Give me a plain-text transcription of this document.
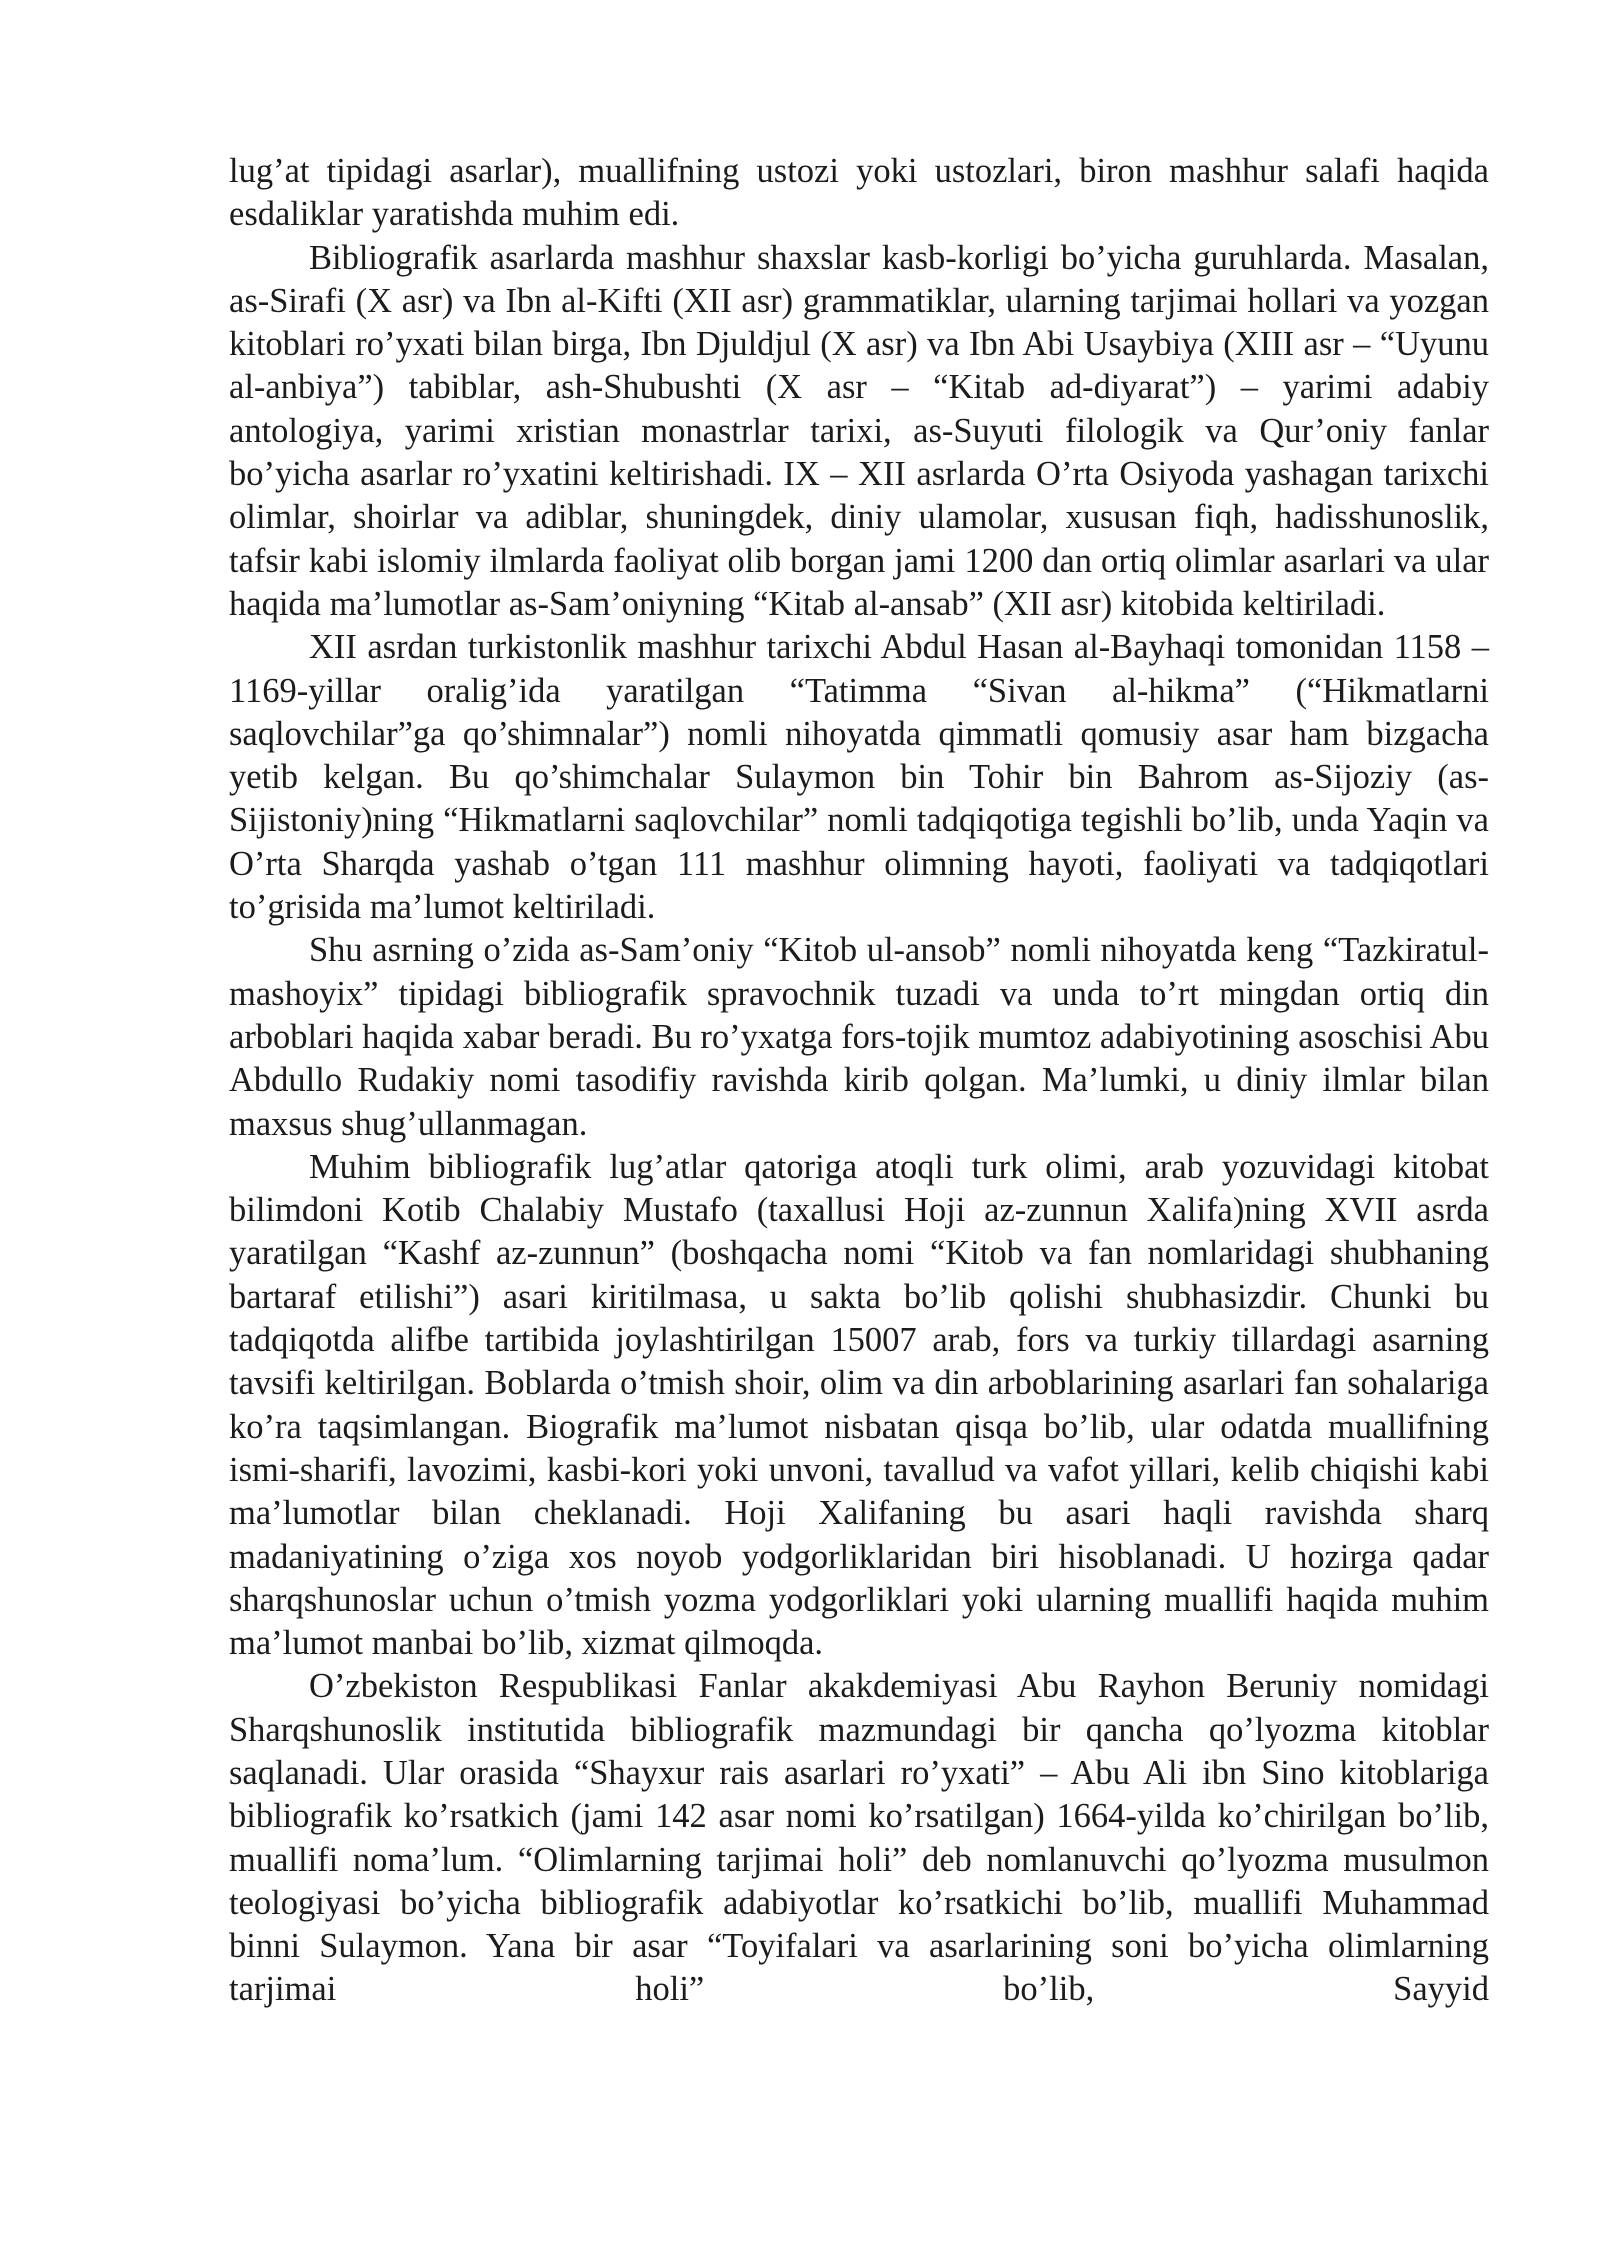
lug’at tipidagi asarlar), muallifning ustozi yoki ustozlari, biron mashhur salafi haqida esdaliklar yaratishda muhim edi.

Bibliografik asarlarda mashhur shaxslar kasb-korligi bo’yicha guruhlarda. Masalan, as-Sirafi (X asr) va Ibn al-Kifti (XII asr) grammatiklar, ularning tarjimai hollari va yozgan kitoblari ro’yxati bilan birga, Ibn Djuldjul (X asr) va Ibn Abi Usaybiya (XIII asr – “Uyunu al-anbiya”) tabiblar, ash-Shubushti (X asr – “Kitab ad-diyarat”) – yarimi adabiy antologiya, yarimi xristian monastrlar tarixi, as-Suyuti filologik va Qur’oniy fanlar bo’yicha asarlar ro’yxatini keltirishadi. IX – XII asrlarda O’rta Osiyoda yashagan tarixchi olimlar, shoirlar va adiblar, shuningdek, diniy ulamolar, xususan fiqh, hadisshunoslik, tafsir kabi islomiy ilmlarda faoliyat olib borgan jami 1200 dan ortiq olimlar asarlari va ular haqida ma’lumotlar as-Sam’oniyning “Kitab al-ansab” (XII asr) kitobida keltiriladi.

XII asrdan turkistonlik mashhur tarixchi Abdul Hasan al-Bayhaqi tomonidan 1158 – 1169-yillar oralig’ida yaratilgan “Tatimma “Sivan al-hikma” (“Hikmatlarni saqlovchilar”ga qo’shimnalar”) nomli nihoyatda qimmatli qomusiy asar ham bizgacha yetib kelgan. Bu qo’shimchalar Sulaymon bin Tohir bin Bahrom as-Sijoziy (as-Sijistoniy)ning “Hikmatlarni saqlovchilar” nomli tadqiqotiga tegishli bo’lib, unda Yaqin va O’rta Sharqda yashab o’tgan 111 mashhur olimning hayoti, faoliyati va tadqiqotlari to’grisida ma’lumot keltiriladi.

Shu asrning o’zida as-Sam’oniy “Kitob ul-ansob” nomli nihoyatda keng “Tazkiratul-mashoyix” tipidagi bibliografik spravochnik tuzadi va unda to’rt mingdan ortiq din arboblari haqida xabar beradi. Bu ro’yxatga fors-tojik mumtoz adabiyotining asoschisi Abu Abdullo Rudakiy nomi tasodifiy ravishda kirib qolgan. Ma’lumki, u diniy ilmlar bilan maxsus shug’ullanmagan.

Muhim bibliografik lug’atlar qatoriga atoqli turk olimi, arab yozuvidagi kitobat bilimdoni Kotib Chalabiy Mustafo (taxallusi Hoji az-zunnun Xalifa)ning XVII asrda yaratilgan “Kashf az-zunnun” (boshqacha nomi “Kitob va fan nomlaridagi shubhaning bartaraf etilishi”) asari kiritilmasa, u sakta bo’lib qolishi shubhasizdir. Chunki bu tadqiqotda alifbe tartibida joylashtirilgan 15007 arab, fors va turkiy tillardagi asarning tavsifi keltirilgan. Boblarda o’tmish shoir, olim va din arboblarining asarlari fan sohalariga ko’ra taqsimlangan. Biografik ma’lumot nisbatan qisqa bo’lib, ular odatda muallifning ismi-sharifi, lavozimi, kasbi-kori yoki unvoni, tavallud va vafot yillari, kelib chiqishi kabi ma’lumotlar bilan cheklanadi. Hoji Xalifaning bu asari haqli ravishda sharq madaniyatining o’ziga xos noyob yodgorliklaridan biri hisoblanadi. U hozirga qadar sharqshunoslar uchun o’tmish yozma yodgorliklari yoki ularning muallifi haqida muhim ma’lumot manbai bo’lib, xizmat qilmoqda.

O’zbekiston Respublikasi Fanlar akakdemiyasi Abu Rayhon Beruniy nomidagi Sharqshunoslik institutida bibliografik mazmundagi bir qancha qo’lyozma kitoblar saqlanadi. Ular orasida “Shayxur rais asarlari ro’yxati” – Abu Ali ibn Sino kitoblariga bibliografik ko’rsatkich (jami 142 asar nomi ko’rsatilgan) 1664-yilda ko’chirilgan bo’lib, muallifi noma’lum. “Olimlarning tarjimai holi” deb nomlanuvchi qo’lyozma musulmon teologiyasi bo’yicha bibliografik adabiyotlar ko’rsatkichi bo’lib, muallifi Muhammad binni Sulaymon. Yana bir asar “Toyifalari va asarlarining soni bo’yicha olimlarning tarjimai holi” bo’lib, Sayyid
